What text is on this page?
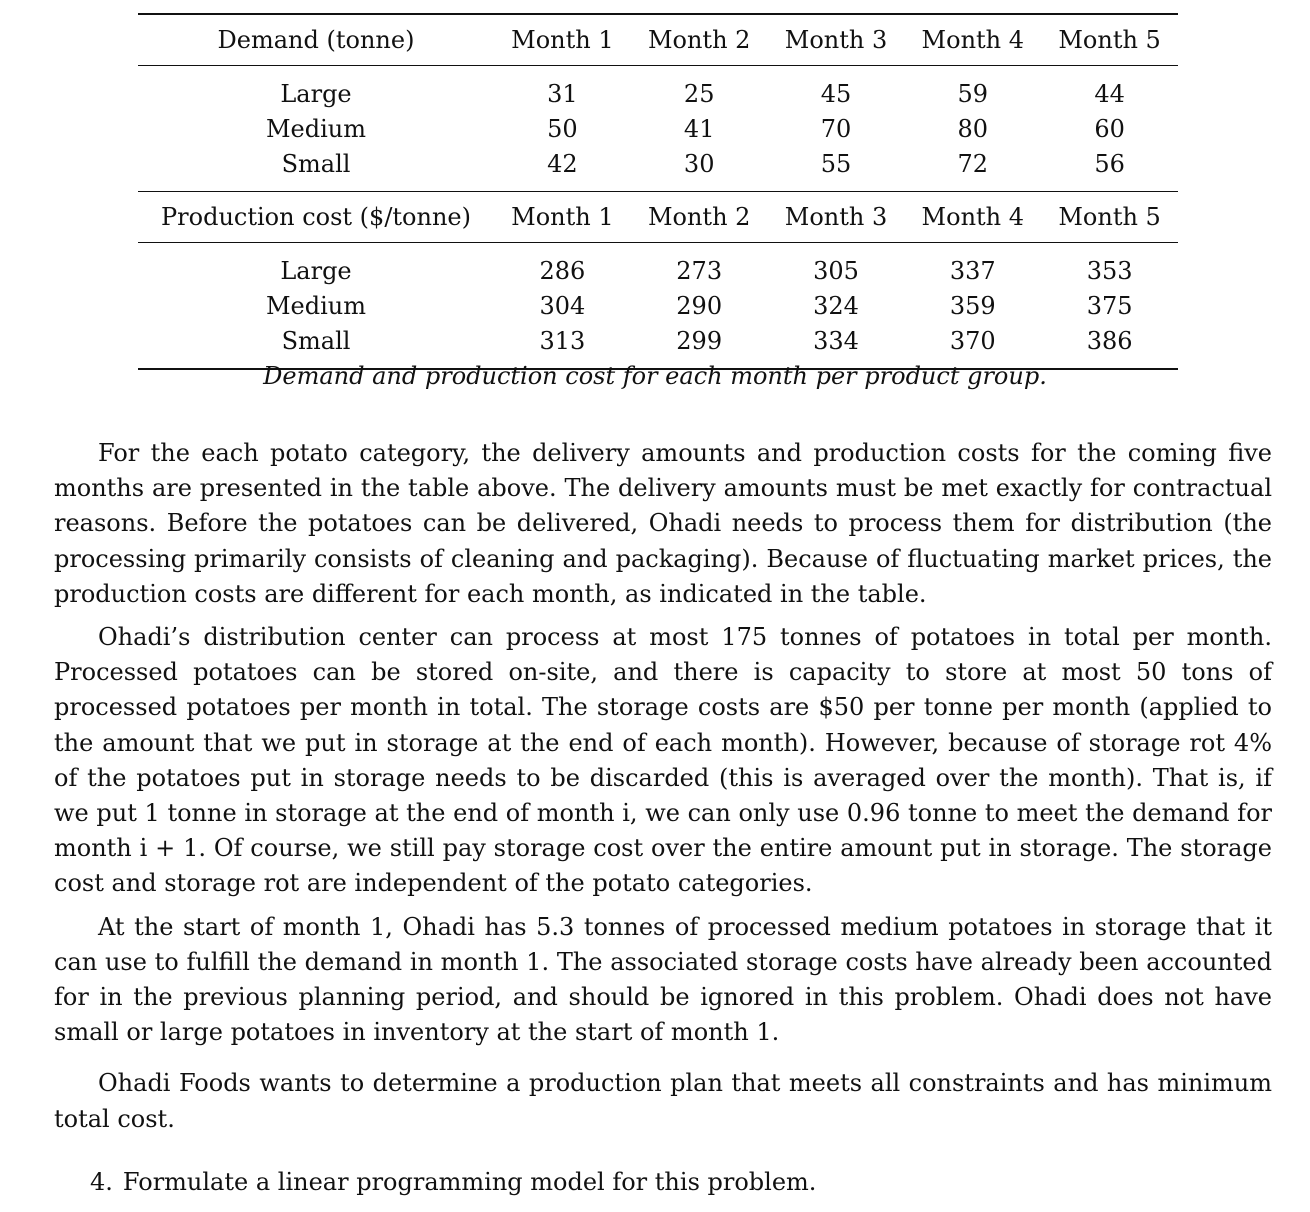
Demand (tonne)	Month 1	Month 2	Month 3	Month 4	Month 5
Large	31	25	45	59	44
Medium	50	41	70	80	60
Small	42	30	55	72	56
Production cost ($/tonne)	Month 1	Month 2	Month 3	Month 4	Month 5
Large	286	273	305	337	353
Medium	304	290	324	359	375
Small	313	299	334	370	386
Demand and production cost for each month per product group.

For the each potato category, the delivery amounts and production costs for the coming five months are presented in the table above. The delivery amounts must be met exactly for contractual reasons. Before the potatoes can be delivered, Ohadi needs to process them for distribution (the processing primarily consists of cleaning and packaging). Because of fluctuating market prices, the production costs are different for each month, as indicated in the table.

Ohadi’s distribution center can process at most 175 tonnes of potatoes in total per month. Processed potatoes can be stored on-site, and there is capacity to store at most 50 tons of processed potatoes per month in total. The storage costs are $50 per tonne per month (applied to the amount that we put in storage at the end of each month). However, because of storage rot 4% of the potatoes put in storage needs to be discarded (this is averaged over the month). That is, if we put 1 tonne in storage at the end of month i, we can only use 0.96 tonne to meet the demand for month i + 1. Of course, we still pay storage cost over the entire amount put in storage. The storage cost and storage rot are independent of the potato categories.

At the start of month 1, Ohadi has 5.3 tonnes of processed medium potatoes in storage that it can use to fulfill the demand in month 1. The associated storage costs have already been accounted for in the previous planning period, and should be ignored in this problem. Ohadi does not have small or large potatoes in inventory at the start of month 1.

Ohadi Foods wants to determine a production plan that meets all constraints and has minimum total cost.

4. Formulate a linear programming model for this problem.
